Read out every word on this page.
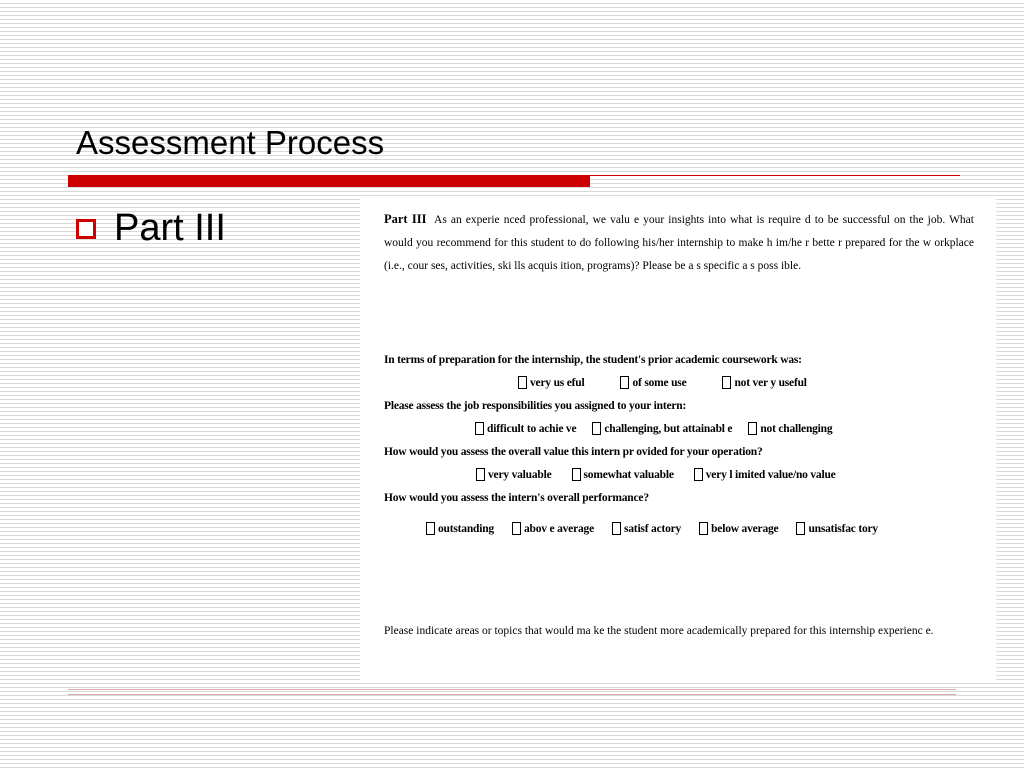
Assessment Process
Part III	Part III As an experie nced professional, we valu e your insights into what is require d to be successful on the job. What would you recommend for this student to do following his/her internship to make h im/he r bette r prepared for the w orkplace (i.e., cour ses, activities, ski lls acquis ition, programs)? Please be a s specific a s poss ible.

In terms of preparation for the internship, the student's prior academic coursework was:
very us eful	of some use	not ver y useful
Please assess the job responsibilities you assigned to your intern:
difficult to achie ve challenging, but attainabl e not challenging
How would you assess the overall value this intern pr ovided for your operation?
very valuable	somewhat valuable	very l imited value/no value
How would you assess the intern's overall performance?
outstanding	abov e average	satisf actory	below average	unsatisfac tory

Please indicate areas or topics that would ma ke the student more academically prepared for this internship experienc e.
